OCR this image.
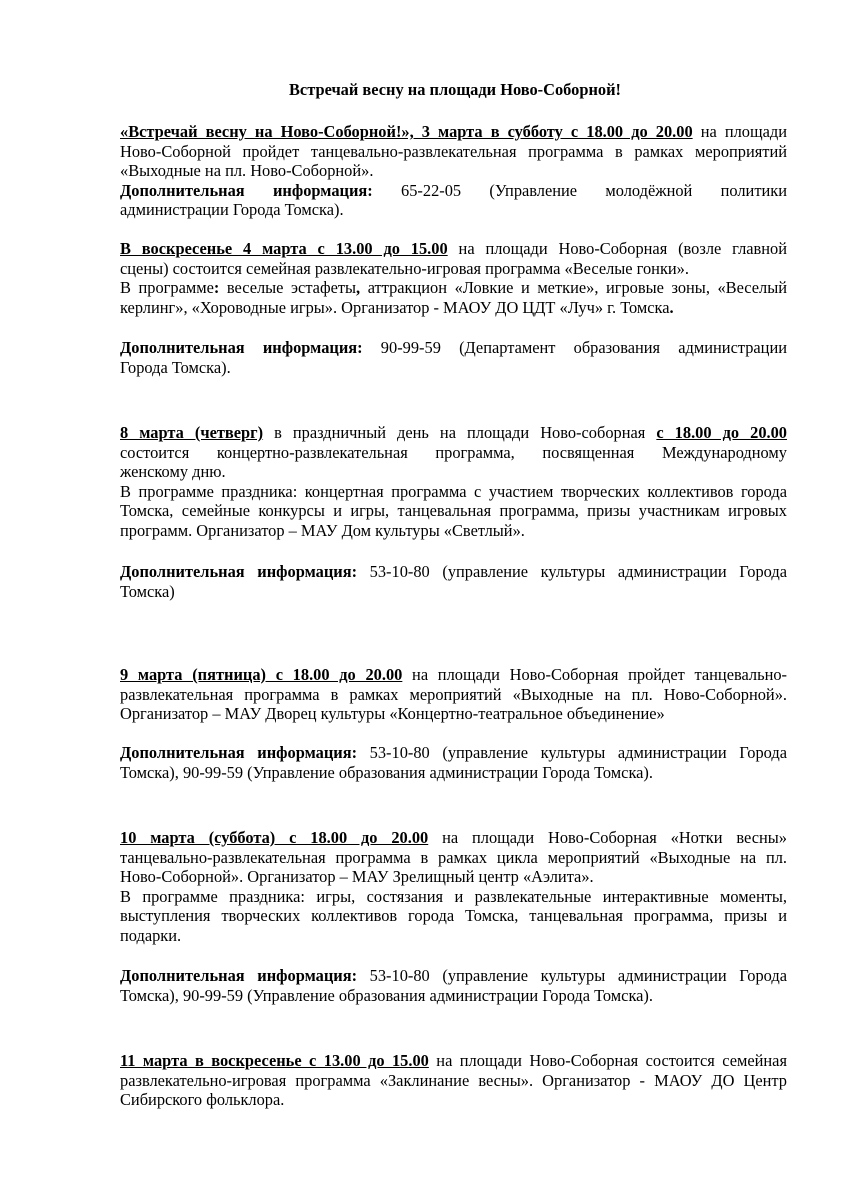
Встречай весну на площади Ново-Соборной!
«Встречай весну на Ново-Соборной!», 3 марта в субботу с 18.00 до 20.00 на площади
Ново-Соборной пройдет танцевально-развлекательная программа в рамках мероприятий
«Выходные на пл. Ново-Соборной».
Дополнительная информация: 65-22-05 (Управление молодёжной политики
администрации Города Томска).
В воскресенье 4 марта с 13.00 до 15.00 на площади Ново-Соборная (возле главной
сцены) состоится семейная развлекательно-игровая программа «Веселые гонки».
В программе: веселые эстафеты, аттракцион «Ловкие и меткие», игровые зоны, «Веселый
керлинг», «Хороводные игры». Организатор - МАОУ ДО ЦДТ «Луч» г. Томска.
Дополнительная информация: 90-99-59 (Департамент образования администрации
Города Томска).
8 марта (четверг) в праздничный день на площади Ново-соборная с 18.00 до 20.00
состоится концертно-развлекательная программа, посвященная Международному
женскому дню.
В программе праздника: концертная программа с участием творческих коллективов города
Томска, семейные конкурсы и игры, танцевальная программа, призы участникам игровых
программ. Организатор – МАУ Дом культуры «Светлый».
Дополнительная информация: 53-10-80 (управление культуры администрации Города
Томска)
9 марта (пятница) с 18.00 до 20.00 на площади Ново-Соборная пройдет танцевально-
развлекательная программа в рамках мероприятий «Выходные на пл. Ново-Соборной».
Организатор – МАУ Дворец культуры «Концертно-театральное объединение»
Дополнительная информация: 53-10-80 (управление культуры администрации Города
Томска), 90-99-59 (Управление образования администрации Города Томска).
10 марта (суббота) с 18.00 до 20.00 на площади Ново-Соборная «Нотки весны»
танцевально-развлекательная программа в рамках цикла мероприятий «Выходные на пл.
Ново-Соборной». Организатор – МАУ Зрелищный центр «Аэлита».
В программе праздника: игры, состязания и развлекательные интерактивные моменты,
выступления творческих коллективов города Томска, танцевальная программа, призы и
подарки.
Дополнительная информация: 53-10-80 (управление культуры администрации Города
Томска), 90-99-59 (Управление образования администрации Города Томска).
11 марта в воскресенье с 13.00 до 15.00 на площади Ново-Соборная состоится семейная
развлекательно-игровая программа «Заклинание весны». Организатор - МАОУ ДО Центр
Сибирского фольклора.
